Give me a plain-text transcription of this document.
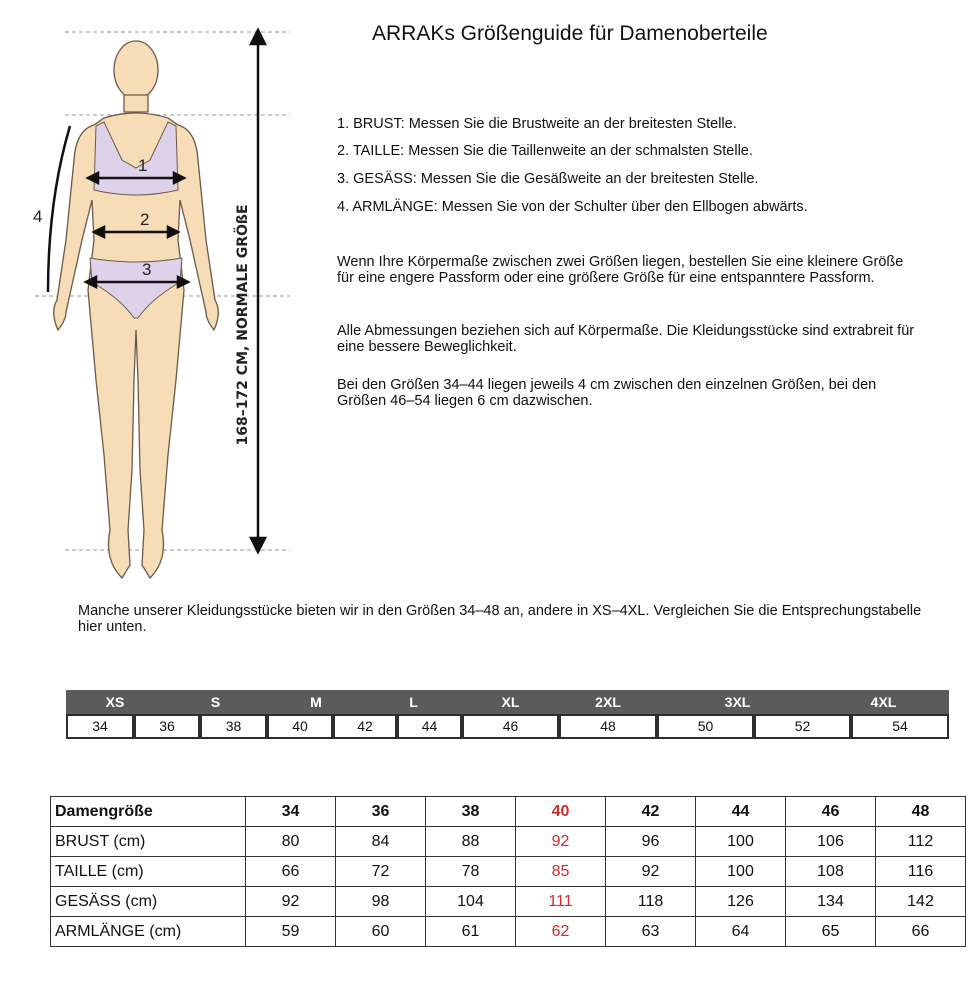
ARRAKs Größenguide für Damenoberteile
1
2
3
4	168–172 CM, NORMALE GRÖßE
1. BRUST: Messen Sie die Brustweite an der breitesten Stelle.
2. TAILLE: Messen Sie die Taillenweite an der schmalsten Stelle.
3. GESÄSS: Messen Sie die Gesäßweite an der breitesten Stelle.
4. ARMLÄNGE: Messen Sie von der Schulter über den Ellbogen abwärts.
Wenn Ihre Körpermaße zwischen zwei Größen liegen, bestellen Sie eine kleinere Größe für eine engere Passform oder eine größere Größe für eine entspanntere Passform.
Alle Abmessungen beziehen sich auf Körpermaße. Die Kleidungsstücke sind extrabreit für eine bessere Beweglichkeit.
Bei den Größen 34–44 liegen jeweils 4 cm zwischen den einzelnen Größen, bei den Größen 46–54 liegen 6 cm dazwischen.
Manche unserer Kleidungsstücke bieten wir in den Größen 34–48 an, andere in XS–4XL. Vergleichen Sie die Entsprechungstabelle hier unten.
XS	S	M	L	XL	2XL	3XL	4XL
34	36	38	40	42	44	46	48	50	52	54
Damengröße	34	36	38	40	42	44	46	48
BRUST (cm)	80	84	88	92	96	100	106	112
TAILLE (cm)	66	72	78	85	92	100	108	116
GESÄSS (cm)	92	98	104	111	118	126	134	142
ARMLÄNGE (cm)	59	60	61	62	63	64	65	66
